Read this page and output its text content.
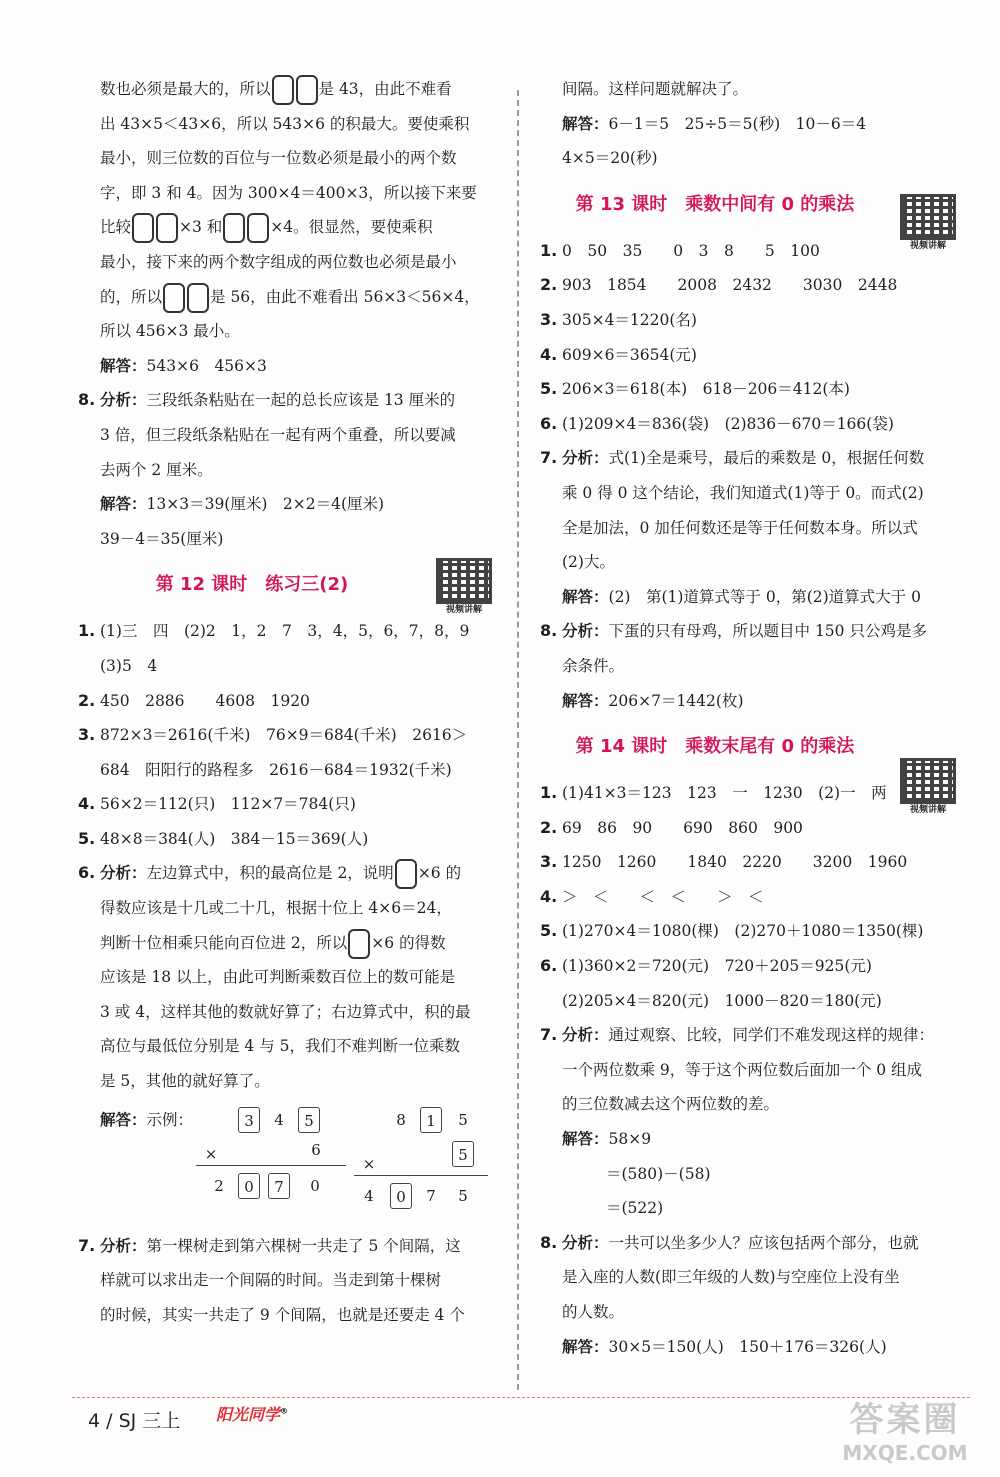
数也必须是最大的，所以	是 43，由此不难看
出 43×5＜43×6，所以 543×6 的积最大。要使乘积
最小，则三位数的百位与一位数必须是最小的两个数
字，即 3 和 4。因为 300×4＝400×3，所以接下来要
比较	×3 和	×4。很显然，要使乘积
最小，接下来的两个数字组成的两位数也必须是最小
的，所以	是 56，由此不难看出 56×3＜56×4，
所以 456×3 最小。
解答：543×6　456×3
8. 分析：三段纸条粘贴在一起的总长应该是 13 厘米的
3 倍，但三段纸条粘贴在一起有两个重叠，所以要减
去两个 2 厘米。
解答：13×3＝39(厘米)　2×2＝4(厘米)
39－4＝35(厘米)
第 12 课时　练习三(2)
视频讲解
1. (1)三　四　(2)2　1，2　7　3，4，5，6，7，8，9
(3)5　4
2. 450　2886　　4608　1920
3. 872×3＝2616(千米)　76×9＝684(千米)　2616＞
684　阳阳行的路程多　2616－684＝1932(千米)
4. 56×2＝112(只)　112×7＝784(只)
5. 48×8＝384(人)　384－15＝369(人)
6. 分析：左边算式中，积的最高位是 2，说明 ×6 的
得数应该是十几或二十几，根据十位上 4×6＝24，
判断十位相乘只能向百位进 2，所以 ×6 的得数
应该是 18 以上，由此可判断乘数百位上的数可能是
3 或 4，这样其他的数就好算了；右边算式中，积的最
高位与最低位分别是 4 与 5，我们不难判断一位乘数
是 5，其他的就好算了。
解答：示例：	3	4	5
×	6
2	0	7	0
8	1	5
×	5
4	0	7	5
7. 分析：第一棵树走到第六棵树一共走了 5 个间隔，这
样就可以求出走一个间隔的时间。当走到第十棵树
的时候，其实一共走了 9 个间隔，也就是还要走 4 个
间隔。这样问题就解决了。
解答：6－1＝5　25÷5＝5(秒)　10－6＝4
4×5＝20(秒)
第 13 课时　乘数中间有 0 的乘法
视频讲解
1. 0　50　35　　0　3　8　　5　100
2. 903　1854　　2008　2432　　3030　2448
3. 305×4＝1220(名)
4. 609×6＝3654(元)
5. 206×3＝618(本)　618－206＝412(本)
6. (1)209×4＝836(袋)　(2)836－670＝166(袋)
7. 分析：式(1)全是乘号，最后的乘数是 0，根据任何数
乘 0 得 0 这个结论，我们知道式(1)等于 0。而式(2)
全是加法，0 加任何数还是等于任何数本身。所以式
(2)大。
解答：(2)　第(1)道算式等于 0，第(2)道算式大于 0
8. 分析：下蛋的只有母鸡，所以题目中 150 只公鸡是多
余条件。
解答：206×7＝1442(枚)
第 14 课时　乘数末尾有 0 的乘法
视频讲解
1. (1)41×3＝123　123　一　1230　(2)一　两
2. 69　86　90　　690　860　900
3. 1250　1260　　1840　2220　　3200　1960
4. ＞　＜　　＜　＜　　＞　＜
5. (1)270×4＝1080(棵)　(2)270＋1080＝1350(棵)
6. (1)360×2＝720(元)　720＋205＝925(元)
(2)205×4＝820(元)　1000－820＝180(元)
7. 分析：通过观察、比较，同学们不难发现这样的规律：
一个两位数乘 9，等于这个两位数后面加一个 0 组成
的三位数减去这个两位数的差。
解答：58×9
＝(580)－(58)
＝(522)
8. 分析：一共可以坐多少人？应该包括两个部分，也就
是入座的人数(即三年级的人数)与空座位上没有坐
的人数。
解答：30×5＝150(人)　150＋176＝326(人)
4 / SJ 三上 阳光同学®	答案圈
MXQE.COM
